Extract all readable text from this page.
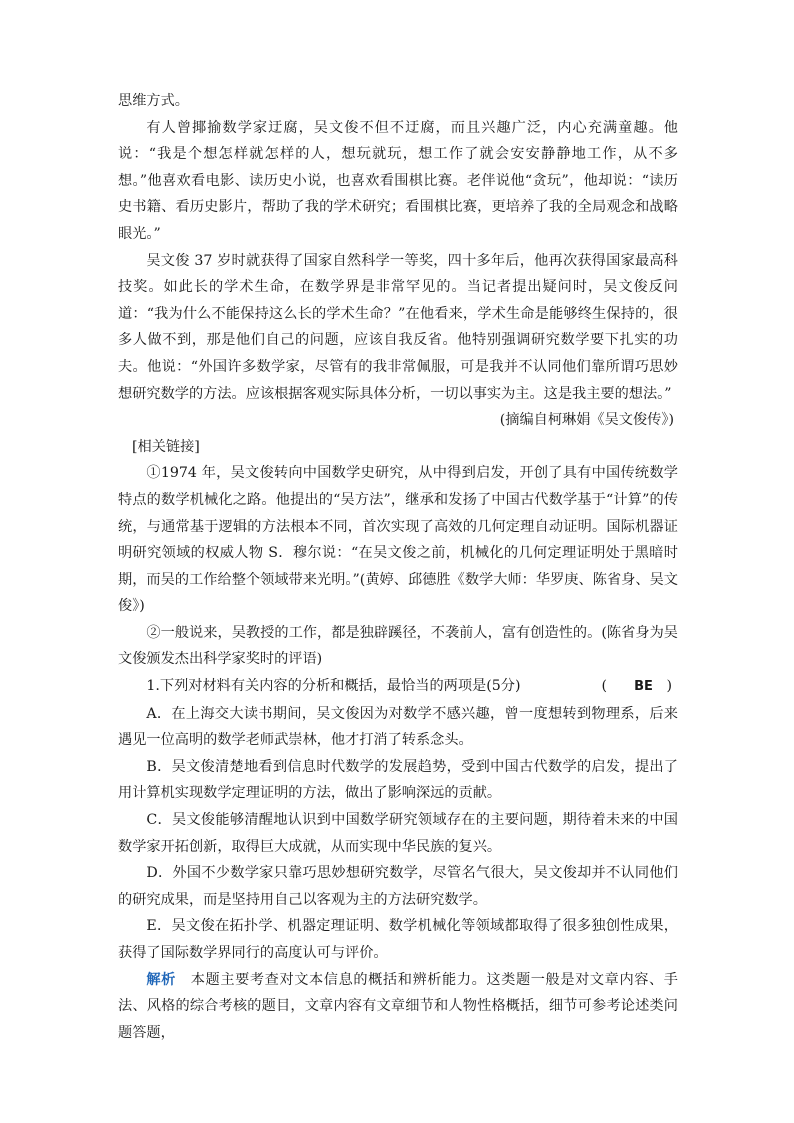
思维方式。

有人曾揶揄数学家迂腐，吴文俊不但不迂腐，而且兴趣广泛，内心充满童趣。他说：“我是个想怎样就怎样的人，想玩就玩，想工作了就会安安静静地工作，从不多想。”他喜欢看电影、读历史小说，也喜欢看围棋比赛。老伴说他“贪玩”，他却说：“读历史书籍、看历史影片，帮助了我的学术研究；看围棋比赛，更培养了我的全局观念和战略眼光。”

吴文俊 37 岁时就获得了国家自然科学一等奖，四十多年后，他再次获得国家最高科技奖。如此长的学术生命，在数学界是非常罕见的。当记者提出疑问时，吴文俊反问道：“我为什么不能保持这么长的学术生命？”在他看来，学术生命是能够终生保持的，很多人做不到，那是他们自己的问题，应该自我反省。他特别强调研究数学要下扎实的功夫。他说：“外国许多数学家，尽管有的我非常佩服，可是我并不认同他们靠所谓巧思妙想研究数学的方法。应该根据客观实际具体分析，一切以事实为主。这是我主要的想法。”

(摘编自柯琳娟《吴文俊传》)

[相关链接]

①1974 年，吴文俊转向中国数学史研究，从中得到启发，开创了具有中国传统数学特点的数学机械化之路。他提出的“吴方法”，继承和发扬了中国古代数学基于“计算”的传统，与通常基于逻辑的方法根本不同，首次实现了高效的几何定理自动证明。国际机器证明研究领域的权威人物 S．穆尔说：“在吴文俊之前，机械化的几何定理证明处于黑暗时期，而吴的工作给整个领域带来光明。”(黄婷、邱德胜《数学大师：华罗庚、陈省身、吴文俊》)

②一般说来，吴教授的工作，都是独辟蹊径，不袭前人，富有创造性的。(陈省身为吴文俊颁发杰出科学家奖时的评语)

1.下列对材料有关内容的分析和概括，最恰当的两项是(5分)	( BE )

A．在上海交大读书期间，吴文俊因为对数学不感兴趣，曾一度想转到物理系，后来遇见一位高明的数学老师武崇林，他才打消了转系念头。

B．吴文俊清楚地看到信息时代数学的发展趋势，受到中国古代数学的启发，提出了用计算机实现数学定理证明的方法，做出了影响深远的贡献。

C．吴文俊能够清醒地认识到中国数学研究领域存在的主要问题，期待着未来的中国数学家开拓创新，取得巨大成就，从而实现中华民族的复兴。

D．外国不少数学家只靠巧思妙想研究数学，尽管名气很大，吴文俊却并不认同他们的研究成果，而是坚持用自己以客观为主的方法研究数学。

E．吴文俊在拓扑学、机器定理证明、数学机械化等领域都取得了很多独创性成果，获得了国际数学界同行的高度认可与评价。

解析　本题主要考查对文本信息的概括和辨析能力。这类题一般是对文章内容、手法、风格的综合考核的题目，文章内容有文章细节和人物性格概括，细节可参考论述类问题答题，
